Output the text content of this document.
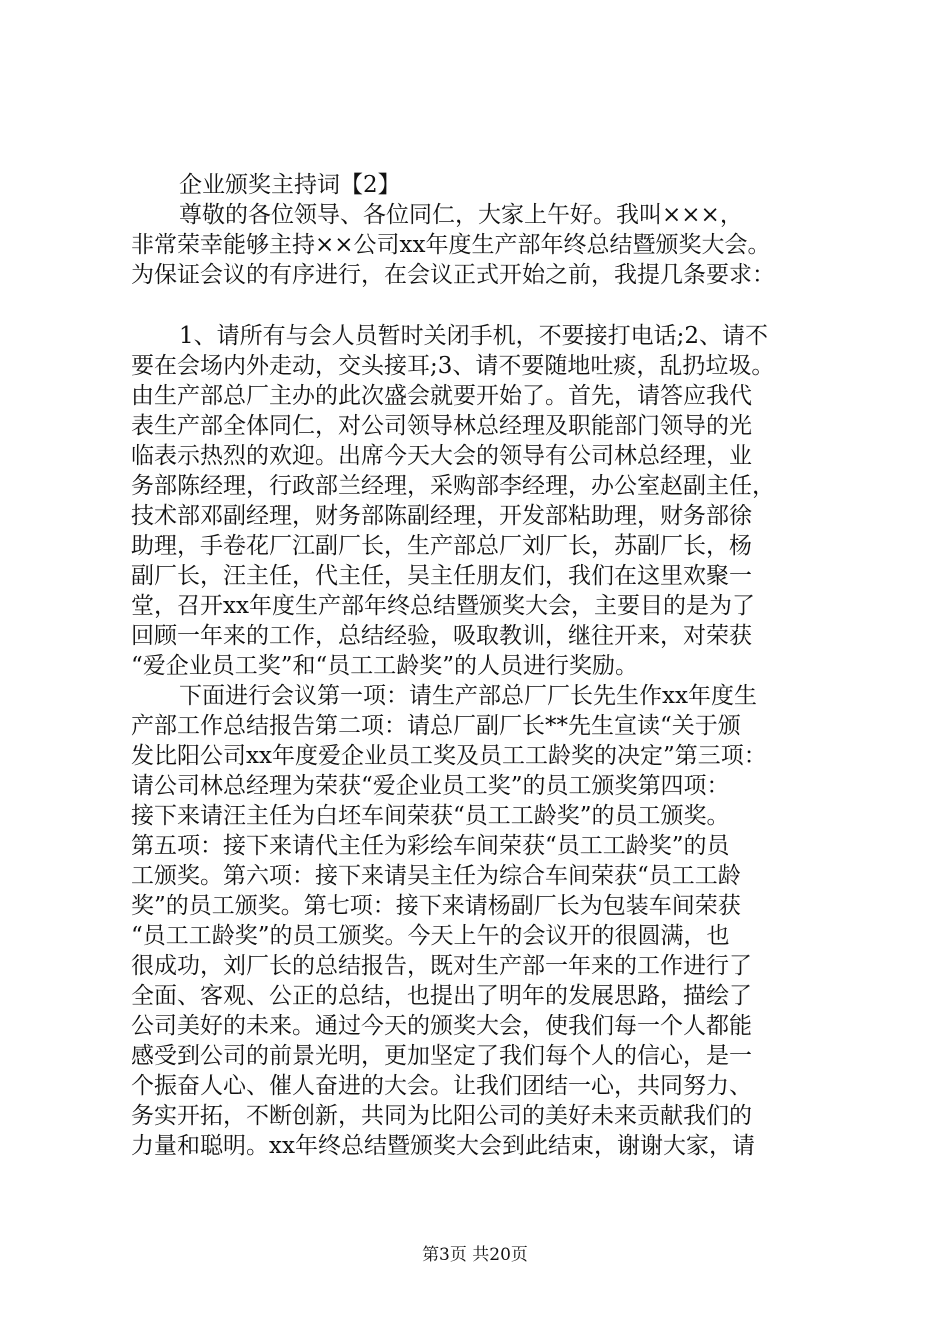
企业颁奖主持词【2】
尊敬的各位领导、各位同仁，大家上午好。我叫×××，
非常荣幸能够主持××公司xx年度生产部年终总结暨颁奖大会。
为保证会议的有序进行，在会议正式开始之前，我提几条要求：
1、请所有与会人员暂时关闭手机，不要接打电话;2、请不
要在会场内外走动，交头接耳;3、请不要随地吐痰，乱扔垃圾。
由生产部总厂主办的此次盛会就要开始了。首先，请答应我代
表生产部全体同仁，对公司领导林总经理及职能部门领导的光
临表示热烈的欢迎。出席今天大会的领导有公司林总经理，业
务部陈经理，行政部兰经理，采购部李经理，办公室赵副主任，
技术部邓副经理，财务部陈副经理，开发部粘助理，财务部徐
助理，手卷花厂江副厂长，生产部总厂刘厂长，苏副厂长，杨
副厂长，汪主任，代主任，吴主任朋友们，我们在这里欢聚一
堂，召开xx年度生产部年终总结暨颁奖大会，主要目的是为了
回顾一年来的工作，总结经验，吸取教训，继往开来，对荣获
“爱企业员工奖”和“员工工龄奖”的人员进行奖励。
下面进行会议第一项：请生产部总厂厂长先生作xx年度生
产部工作总结报告第二项：请总厂副厂长**先生宣读“关于颁
发比阳公司xx年度爱企业员工奖及员工工龄奖的决定”第三项：
请公司林总经理为荣获“爱企业员工奖”的员工颁奖第四项：
接下来请汪主任为白坯车间荣获“员工工龄奖”的员工颁奖。
第五项：接下来请代主任为彩绘车间荣获“员工工龄奖”的员
工颁奖。第六项：接下来请吴主任为综合车间荣获“员工工龄
奖”的员工颁奖。第七项：接下来请杨副厂长为包装车间荣获
“员工工龄奖”的员工颁奖。今天上午的会议开的很圆满，也
很成功，刘厂长的总结报告，既对生产部一年来的工作进行了
全面、客观、公正的总结，也提出了明年的发展思路，描绘了
公司美好的未来。通过今天的颁奖大会，使我们每一个人都能
感受到公司的前景光明，更加坚定了我们每个人的信心，是一
个振奋人心、催人奋进的大会。让我们团结一心，共同努力、
务实开拓，不断创新，共同为比阳公司的美好未来贡献我们的
力量和聪明。xx年终总结暨颁奖大会到此结束，谢谢大家，请
第3页 共20页
